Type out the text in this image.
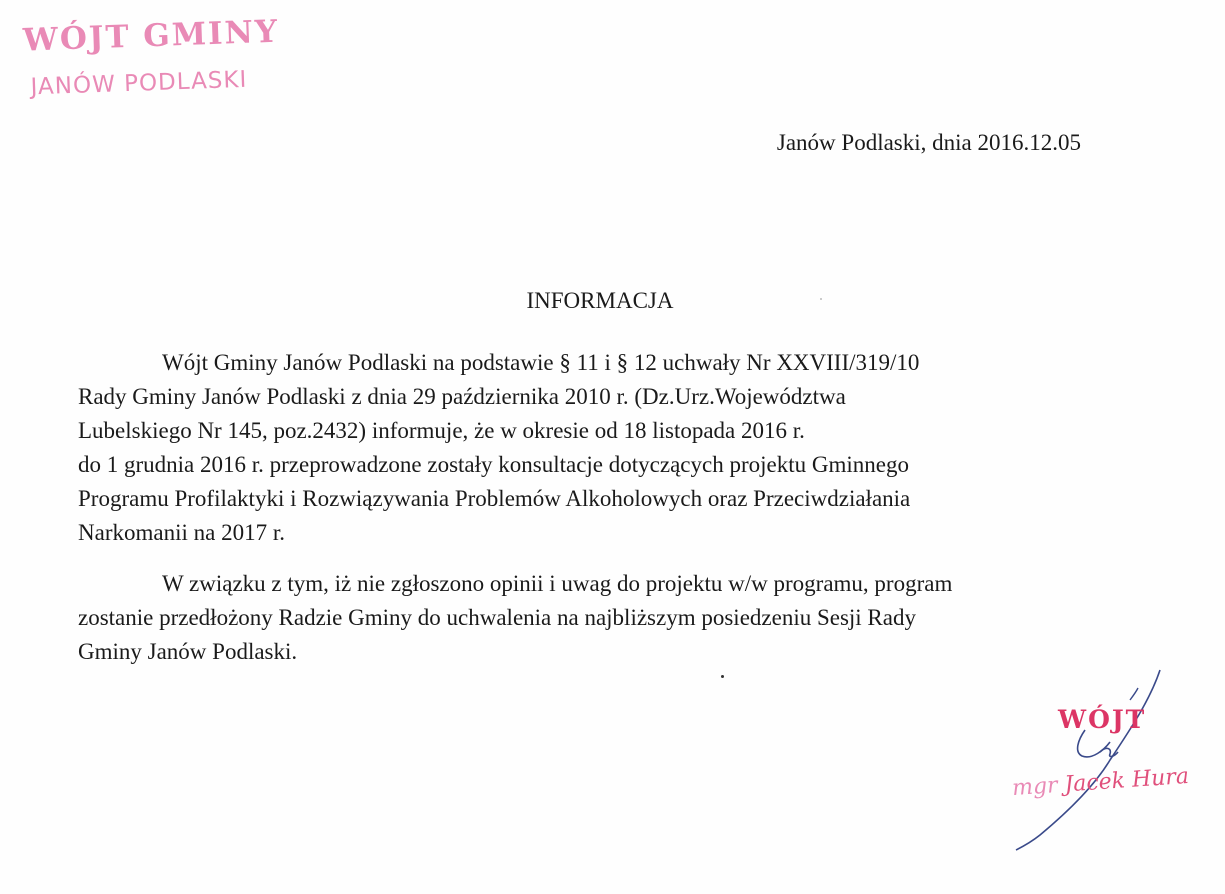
WÓJT GMINY
JANÓW PODLASKI
Janów Podlaski, dnia 2016.12.05
INFORMACJA
Wójt Gminy Janów Podlaski na podstawie § 11 i § 12 uchwały Nr XXVIII/319/10
Rady Gminy Janów Podlaski z dnia 29 października 2010 r. (Dz.Urz.Województwa
Lubelskiego Nr 145, poz.2432) informuje, że w okresie od 18 listopada 2016 r.
do 1 grudnia 2016 r. przeprowadzone zostały konsultacje dotyczących projektu Gminnego
Programu Profilaktyki i Rozwiązywania Problemów Alkoholowych oraz Przeciwdziałania
Narkomanii na 2017 r.
W związku z tym, iż nie zgłoszono opinii i uwag do projektu w/w programu, program
zostanie przedłożony Radzie Gminy do uchwalenia na najbliższym posiedzeniu Sesji Rady
Gminy Janów Podlaski.
WÓJT
mgr Jacek Hura
